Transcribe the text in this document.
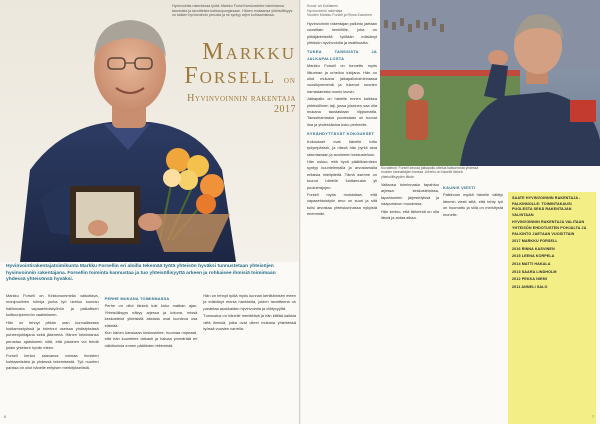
Hyvinvointia rakentavaa työtä: Markku Forsell keskustelee toimintansa taustoista ja tavoitteista kotikaupungissaan. Hänen mukaansa yhteisöllisyys on kaiken hyvinvoinnin perusta ja se syntyy arjen kohtaamisissa.
Markku
Forsell on
Hyvinvoinnin rakentaja
2017
Hyvinvointirakentajatoimikunta Markku Forsellin eri aloilla tekemää työtä yhteisön hyväksi tunnustetaan yhteisöjen hyvinvoinnin rakentajana. Forsellin toiminta kannustaa ja tuo yhteisöllisyyttä arkeen ja rohkaisee ihmisiä toimimaan yhdessä yhteisönsä hyväksi.

Markku Forsell on Kirkkonummella vaikuttava, monipuolinen toimija jonka työ ulottuu kunnan hallinnosta vapaaehtoistyöhön ja paikallisen kulttuuriperinnön vaalimiseen.

Hän on tehnyt pitkän uran kunnallisessa luottamustyössä ja toiminut useissa yhdistyksissä puheenjohtajana sekä jäsenenä. Hänen toimintansa perustuu ajatukseen siitä, että jokainen voi tehdä jotain yhteisen hyvän eteen.

Forsell kertoo saavansa voimaa ihmisten kohtaamisista ja yhdessä tekemisestä. Työ nuorten parissa on ollut hänelle erityisen merkityksellistä.

PERHE MUKANA TOIMINNASSA

Perhe on ollut tärkeä tuki koko matkan ajan. Yhteisöllisyys näkyy arjessa ja kotona, missä keskustelut yhteisistä asioista ovat luonteva osa elämää.

Kun hänen kanssaan keskustelee, huomaa nopeasti, että hän kuuntelee tarkasti ja haluaa ymmärtää eri näkökulmia ennen päätösten tekemistä.

Hän on tehnyt työtä myös kunnan kehittämisen eteen ja edistänyt monia hankkeita, joiden tavoitteena on parantaa asukkaiden hyvinvointia ja viihtyvyyttä.

Tunnustus on hänelle merkittävä ja hän kiittää kaikkia niitä ihmisiä, jotka ovat olleet mukana yhteisessä työssä vuosien varrella.

6
Kuvat: ari Kotilainen
Hyvinvoinnin rakentaja
Vuoden Markku Forsell ja Rinna Kasvinen

Hyvinvoinnin rakentajan palkinto jaetaan vuosittain henkilölle, joka on pitkäjänteisellä työllään edistänyt yhteisön hyvinvointia ja osallisuutta.

TUKEA TANSSISTA JA JALKAPALLOSTA

Markku Forsell on tunnettu myös liikunnan ja urheilun tukijana. Hän on ollut mukana jalkapallotoiminnassa vuosikymmeniä ja tukenut nuorten harrastamista monin tavoin.

Jalkapallo on hänelle ennen kaikkea yhteisöllinen laji, jossa jokainen saa olla mukana taustastaan riippumatta. Tanssiharrastus puolestaan on tuonut iloa ja yhdessäoloa koko perheelle.

SYKÄHDYTTÄVÄT KOKOUKSET

Kokoukset ovat hänelle tuttu työympäristö, ja niissä hän pyrkii aina rakentavaan ja avoimeen keskusteluun.

Hän uskoo, että hyvä päätöksenteko syntyy kuuntelemalla ja arvostamalla erilaisia mielipiteitä. Tämä asenne on tuonut hänelle luottamusta yli puoluerajojen.

Forsell myös muistuttaa, että vapaaehtoistyön arvo on suuri ja sitä tulisi arvostaa yhteiskunnassa nykyistä enemmän.

Kuvateksti: Forsell seuraa jalkapallo-ottelua katsomosta yhdessä muiden kannattajien kanssa. Urheilu on hänelle tärkeä yhteisöllisyyden lähde.

Valtaosa toiminnasta tapahtuu arjessa: keskusteluissa, tapahtumien järjestelyissä ja naapuriavun muodossa.

Hän kertoo, että tärkeintä on olla läsnä ja antaa aikaa.

KAUNIS VIESTI

Palkinnon myötä hänelle välittyi lämmin viesti siitä, että tehty työ on huomattu ja sillä on merkitystä monelle.

SAATE HYVINVOINNIN RAKENTAJA -PALKINNOLLE: TOIMINTAKAUSI PUOLESTA SEKÄ RAKENTAJAN VALINTAAN
HYVINVOINNIN RAKENTAJA VALITAAN YHTEISÖN EHDOTUSTEN POHJALTA JA PALKINTO JAETAAN VUOSITTAIN
2017 MARKKU FORSELL
2016 RINNA KASVINEN
2015 LEENA KORPELA
2014 MATTI HAKALA
2013 SAARA LINDHOLM
2012 PEKKA NIEMI
2011 ANNELI SALO
7
